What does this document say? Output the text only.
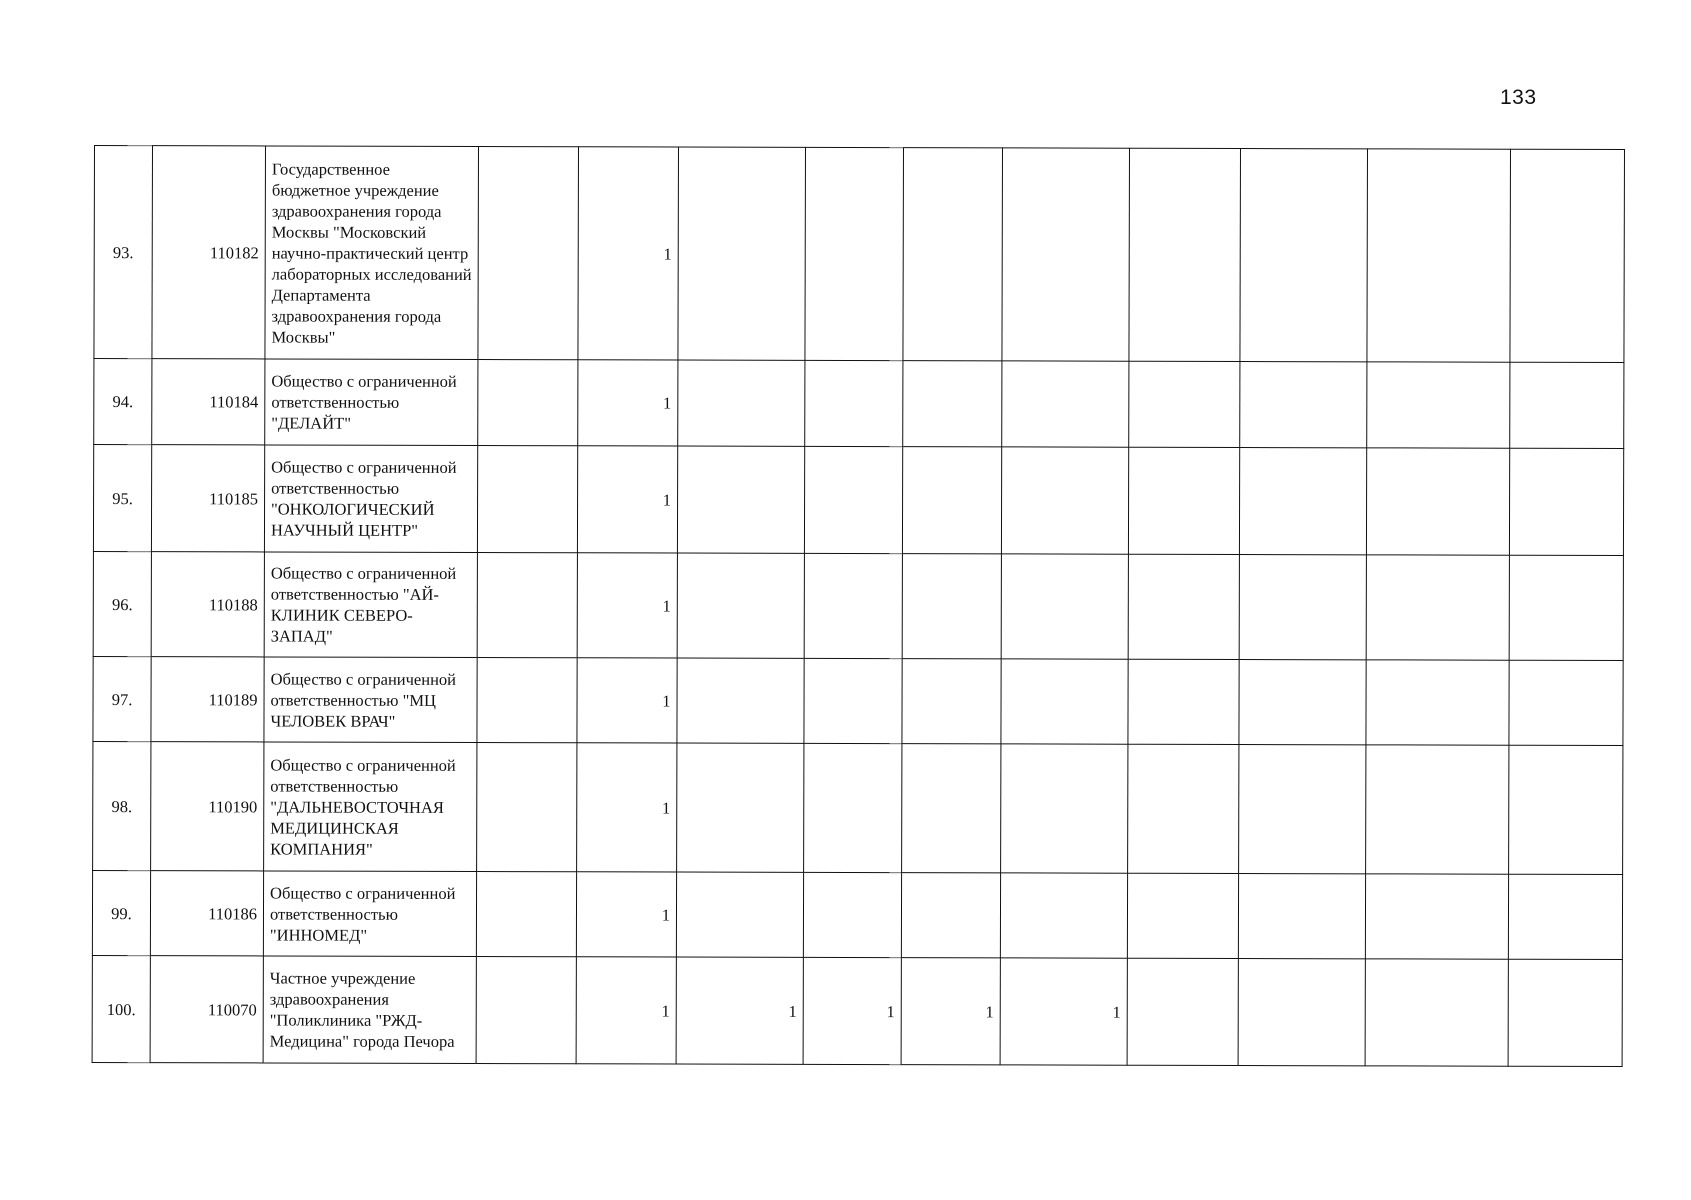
133
93.	110182	Государственное бюджетное учреждение здравоохранения города Москвы "Московский научно-практический центр лабораторных исследований Департамента здравоохранения города Москвы"		1								
94.	110184	Общество с ограниченной ответственностью "ДЕЛАЙТ"		1								
95.	110185	Общество с ограниченной ответственностью "ОНКОЛОГИЧЕСКИЙ НАУЧНЫЙ ЦЕНТР"		1								
96.	110188	Общество с ограниченной ответственностью "АЙ-КЛИНИК СЕВЕРО-ЗАПАД"		1								
97.	110189	Общество с ограниченной ответственностью "МЦ ЧЕЛОВЕК ВРАЧ"		1								
98.	110190	Общество с ограниченной ответственностью "ДАЛЬНЕВОСТОЧНАЯ МЕДИЦИНСКАЯ КОМПАНИЯ"		1								
99.	110186	Общество с ограниченной ответственностью "ИННОМЕД"		1								
100.	110070	Частное учреждение здравоохранения "Поликлиника "РЖД-Медицина" города Печора		1	1	1	1	1				
